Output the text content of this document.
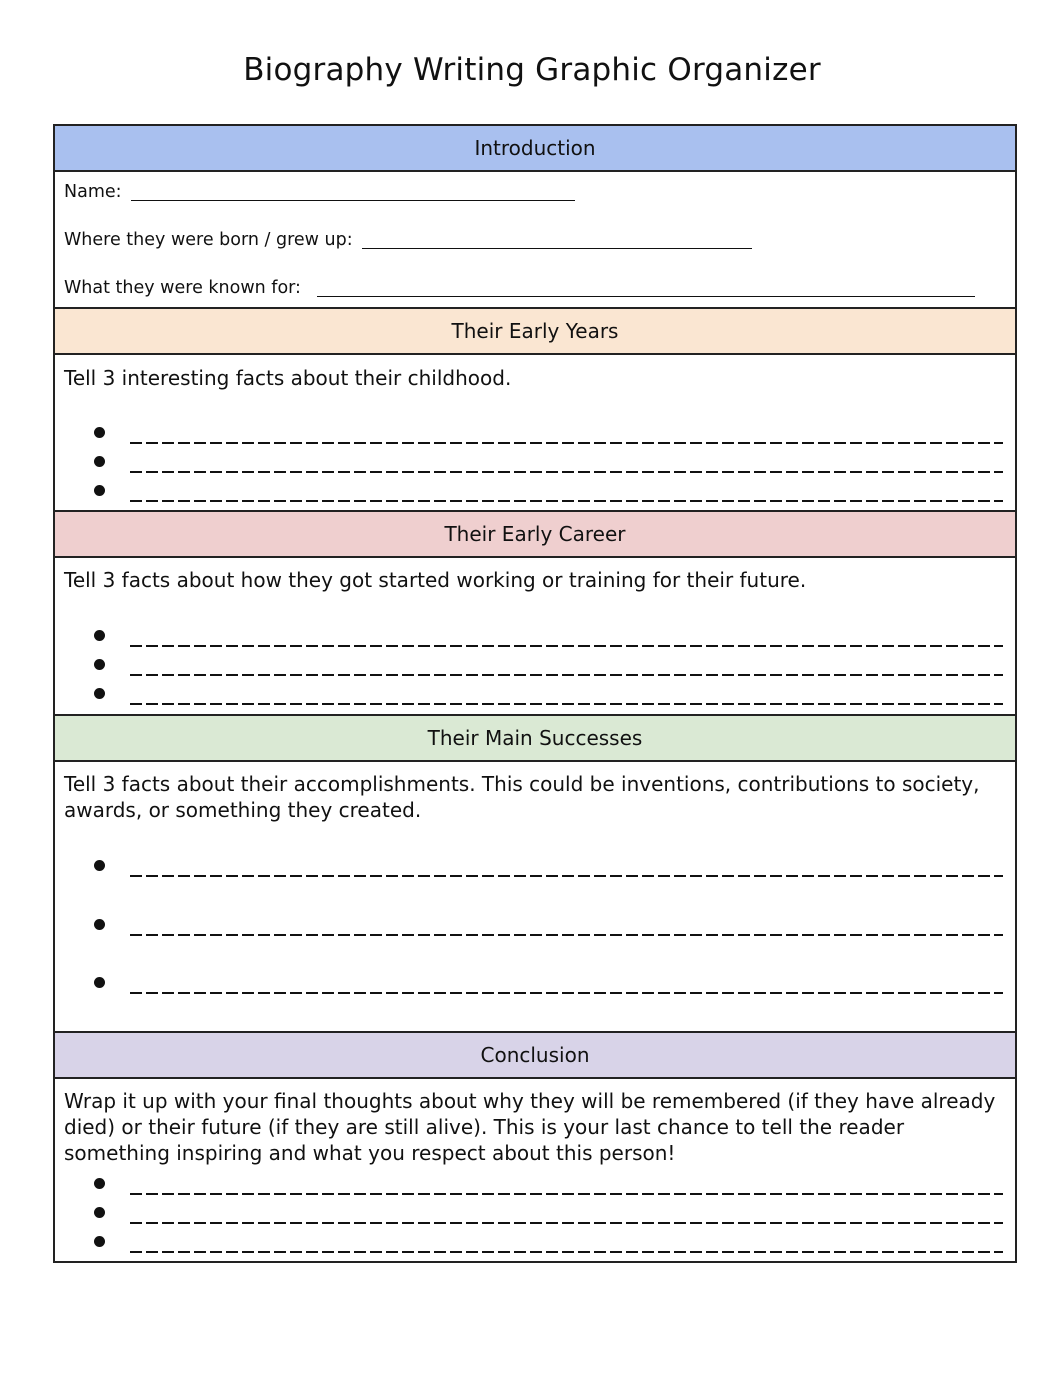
Biography Writing Graphic Organizer
Introduction
Name:
Where they were born / grew up:
What they were known for:
Their Early Years
Tell 3 interesting facts about their childhood.
Their Early Career
Tell 3 facts about how they got started working or training for their future.
Their Main Successes
Tell 3 facts about their accomplishments. This could be inventions, contributions to society, awards, or something they created.
Conclusion
Wrap it up with your final thoughts about why they will be remembered (if they have already died) or their future (if they are still alive). This is your last chance to tell the reader something inspiring and what you respect about this person!
